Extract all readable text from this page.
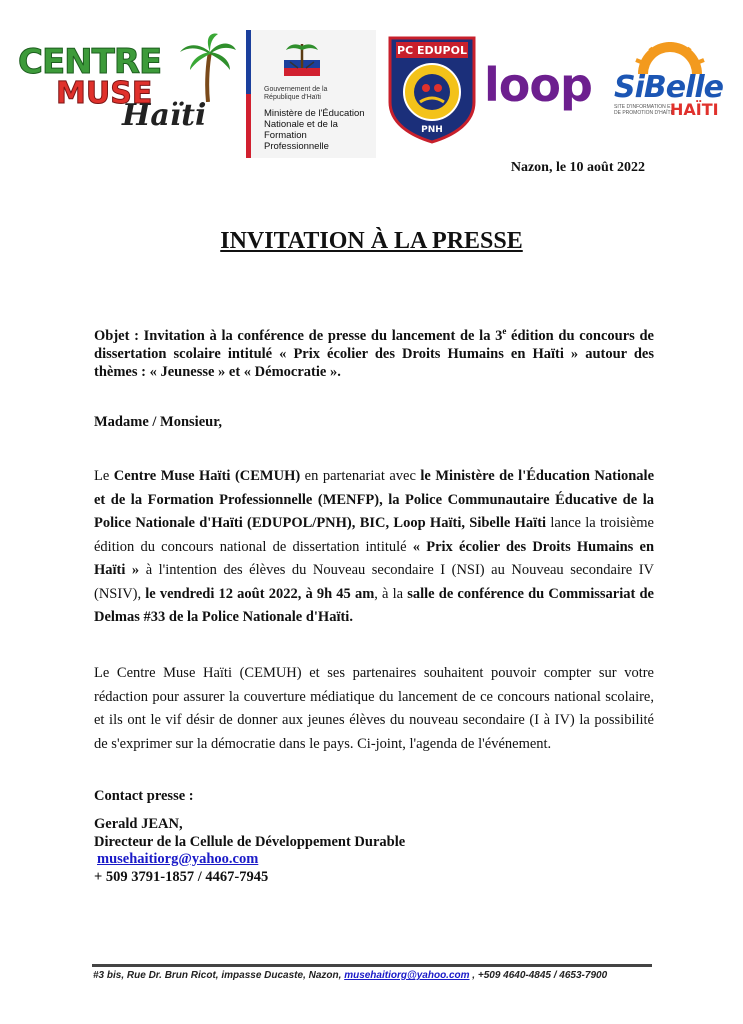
CENTRE
MUSE
Haïti
Gouvernement de la
République d'Haïti
Ministère de l'Éducation Nationale et de la Formation Professionnelle
PC EDUPOL
PNH
loop SiBelle
SITE D'INFORMATION ET DE PROMOTION D'HAÏTI
HAÏTI
Nazon, le 10 août 2022
INVITATION À LA PRESSE
Objet : Invitation à la conférence de presse du lancement de la 3e édition du concours de dissertation scolaire intitulé « Prix écolier des Droits Humains en Haïti » autour des thèmes : « Jeunesse » et « Démocratie ».
Madame / Monsieur,
Le Centre Muse Haïti (CEMUH) en partenariat avec le Ministère de l'Éducation Nationale et de la Formation Professionnelle (MENFP), la Police Communautaire Éducative de la Police Nationale d'Haïti (EDUPOL/PNH), BIC, Loop Haïti, Sibelle Haïti lance la troisième édition du concours national de dissertation intitulé « Prix écolier des Droits Humains en Haïti » à l'intention des élèves du Nouveau secondaire I (NSI) au Nouveau secondaire IV (NSIV), le vendredi 12 août 2022, à 9h 45 am, à la salle de conférence du Commissariat de Delmas #33 de la Police Nationale d'Haïti.
Le Centre Muse Haïti (CEMUH) et ses partenaires souhaitent pouvoir compter sur votre rédaction pour assurer la couverture médiatique du lancement de ce concours national scolaire, et ils ont le vif désir de donner aux jeunes élèves du nouveau secondaire (I à IV) la possibilité de s'exprimer sur la démocratie dans le pays. Ci-joint, l'agenda de l'événement.
Contact presse :
Gerald JEAN,
Directeur de la Cellule de Développement Durable
musehaitiorg@yahoo.com
+ 509 3791-1857 / 4467-7945
#3 bis, Rue Dr. Brun Ricot, impasse Ducaste, Nazon, musehaitiorg@yahoo.com , +509 4640-4845 / 4653-7900
